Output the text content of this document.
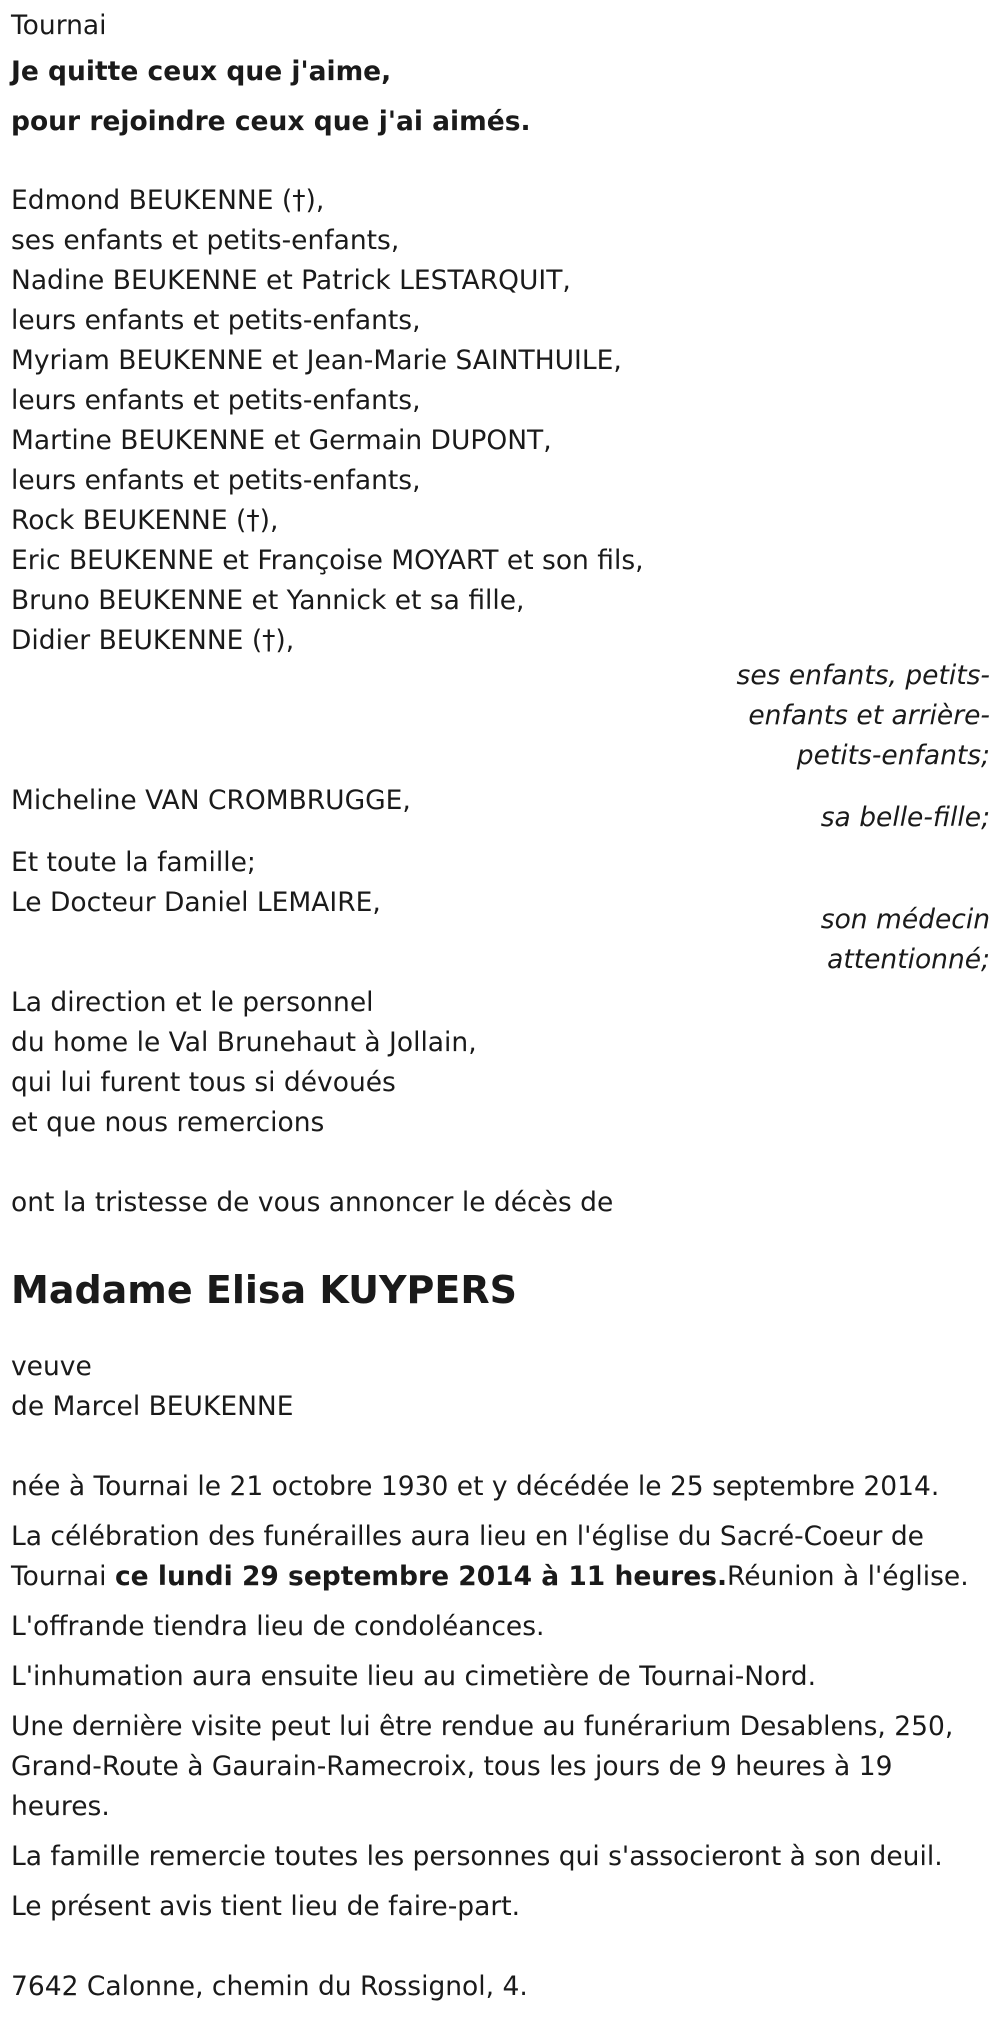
Tournai
Je quitte ceux que j'aime,
pour rejoindre ceux que j'ai aimés.
Edmond BEUKENNE (†),
ses enfants et petits-enfants,
Nadine BEUKENNE et Patrick LESTARQUIT,
leurs enfants et petits-enfants,
Myriam BEUKENNE et Jean-Marie SAINTHUILE,
leurs enfants et petits-enfants,
Martine BEUKENNE et Germain DUPONT,
leurs enfants et petits-enfants,
Rock BEUKENNE (†),
Eric BEUKENNE et Françoise MOYART et son fils,
Bruno BEUKENNE et Yannick et sa fille,
Didier BEUKENNE (†),
ses enfants, petits-
enfants et arrière-
petits-enfants;
Micheline VAN CROMBRUGGE,
sa belle-fille;
Et toute la famille;
Le Docteur Daniel LEMAIRE,
son médecin
attentionné;
La direction et le personnel
du home le Val Brunehaut à Jollain,
qui lui furent tous si dévoués
et que nous remercions
ont la tristesse de vous annoncer le décès de
Madame Elisa KUYPERS
veuve
de Marcel BEUKENNE
née à Tournai le 21 octobre 1930 et y décédée le 25 septembre 2014.
La célébration des funérailles aura lieu en l'église du Sacré-Coeur de Tournai ce lundi 29 septembre 2014 à 11 heures.Réunion à l'église.
L'offrande tiendra lieu de condoléances.
L'inhumation aura ensuite lieu au cimetière de Tournai-Nord.
Une dernière visite peut lui être rendue au funérarium Desablens, 250, Grand-Route à Gaurain-Ramecroix, tous les jours de 9 heures à 19 heures.
La famille remercie toutes les personnes qui s'associeront à son deuil.
Le présent avis tient lieu de faire-part.
7642 Calonne, chemin du Rossignol, 4.
